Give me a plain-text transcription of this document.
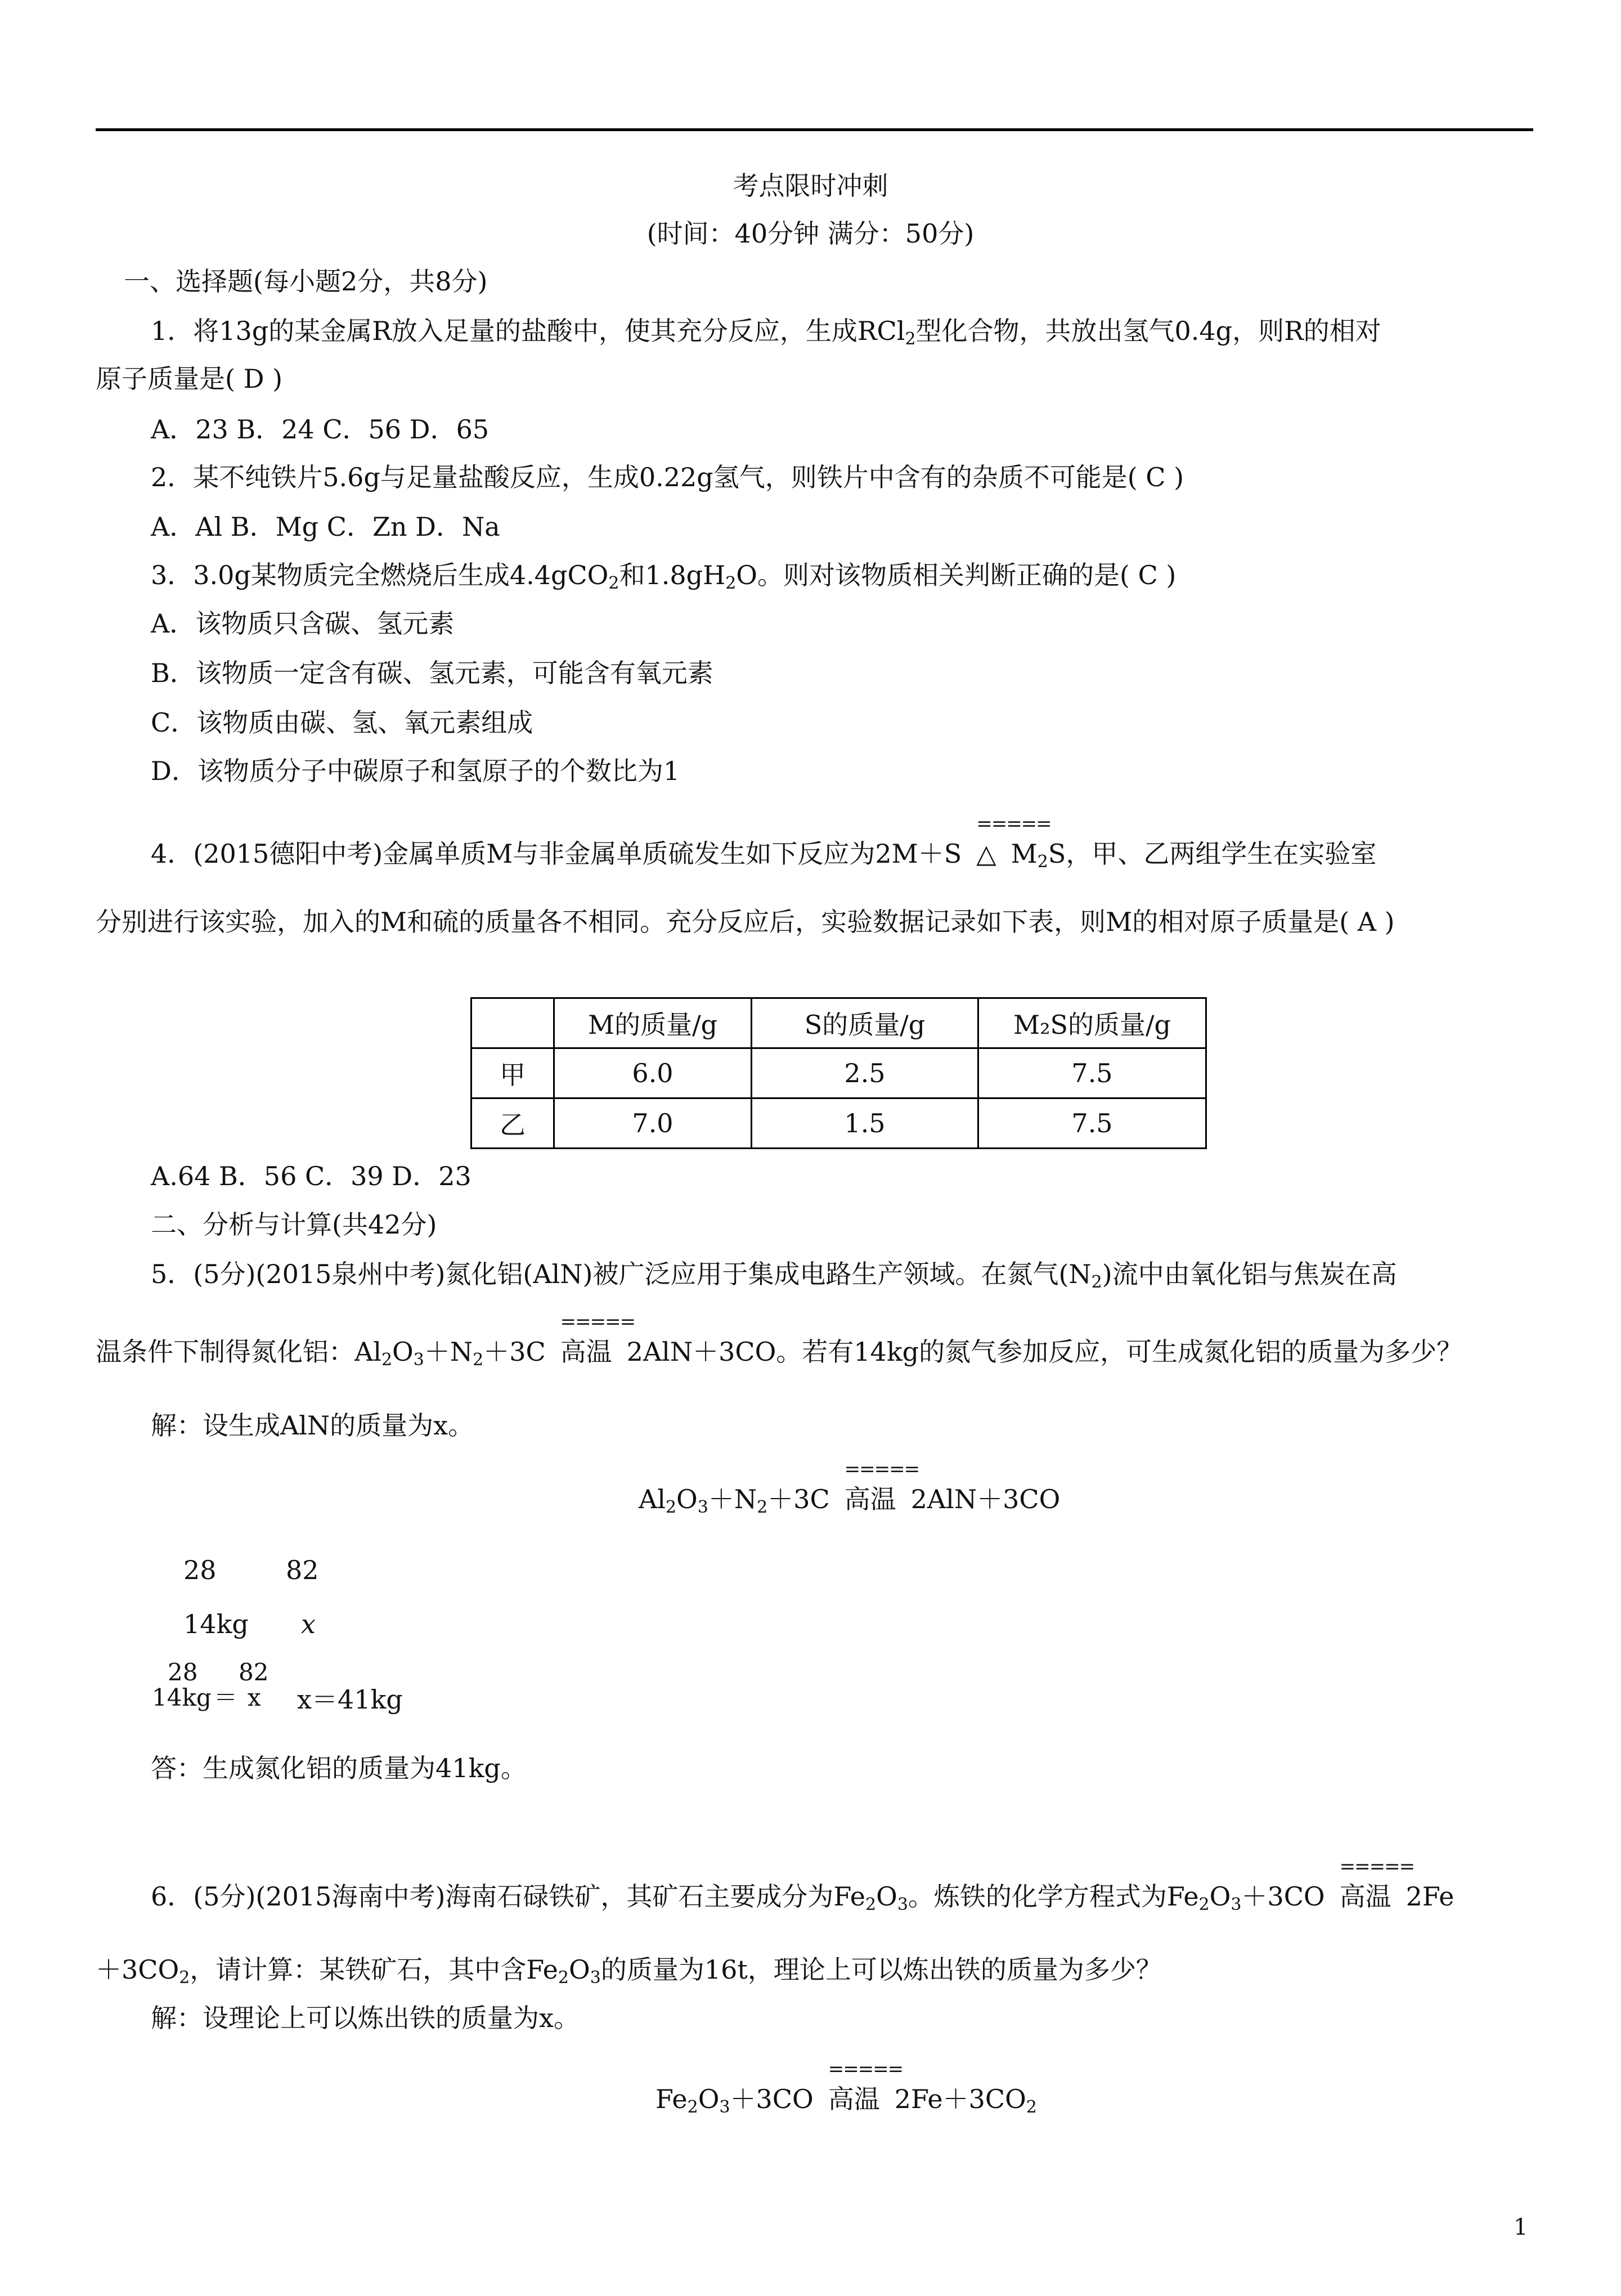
考点限时冲刺
(时间：40分钟 满分：50分)
一、选择题(每小题2分，共8分)
1．将13g的某金属R放入足量的盐酸中，使其充分反应，生成RCl$_2$型化合物，共放出氢气0.4g，则R的相对
原子质量是( D )
A．23 B．24 C．56 D．65
2．某不纯铁片5.6g与足量盐酸反应，生成0.22g氢气，则铁片中含有的杂质不可能是( C )
A．Al B．Mg C．Zn D．Na
3．3.0g某物质完全燃烧后生成4.4gCO$_2$和$1.8gH_2O$。则对该物质相关判断正确的是( C )
A．该物质只含碳、氢元素
B．该物质一定含有碳、氢元素，可能含有氧元素
C．该物质由碳、氢、氧元素组成
D．该物质分子中碳原子和氢原子的个数比为1
4．(2015德阳中考)金属单质M与非金属单质硫发生如下反应为2M＋S
=====
△ $M_2S$，甲、乙两组学生在实验室
分别进行该实验，加入的M和硫的质量各不相同。充分反应后，实验数据记录如下表，则M的相对原子质量是( A )
	M的质量/g	S的质量/g	M₂S的质量/g
甲	6.0	2.5	7.5
乙	7.0	1.5	7.5
A.64 B．56 C．39 D．23
二、分析与计算(共42分)
5．(5分)(2015泉州中考)氮化铝(AlN)被广泛应用于集成电路生产领域。在氮气$(N_2)$流中由氧化铝与焦炭在高
温条件下制得氮化铝：$Al_2O_3+N_2+3C$
=====
高温 2AlN＋3CO。若有14kg的氮气参加反应，可生成氮化铝的质量为多少？
解：设生成AlN的质量为x。
$Al_2O_3+N_2+3C$
=====
高温 2AlN＋3CO
28	82
14kg x
28
14kg ＝
82
x x＝41kg
答：生成氮化铝的质量为41kg。
6．(5分)(2015海南中考)海南石碌铁矿，其矿石主要成分为$Fe_2O_3$。炼铁的化学方程式为$Fe_2O_3+3CO$
=====
高温 2Fe
$+3CO_2$，请计算：某铁矿石，其中含$Fe_2O_3$的质量为16t，理论上可以炼出铁的质量为多少？
解：设理论上可以炼出铁的质量为x。
$Fe_2O_3+3CO$
=====
高温 $2Fe+3CO_2$
1
